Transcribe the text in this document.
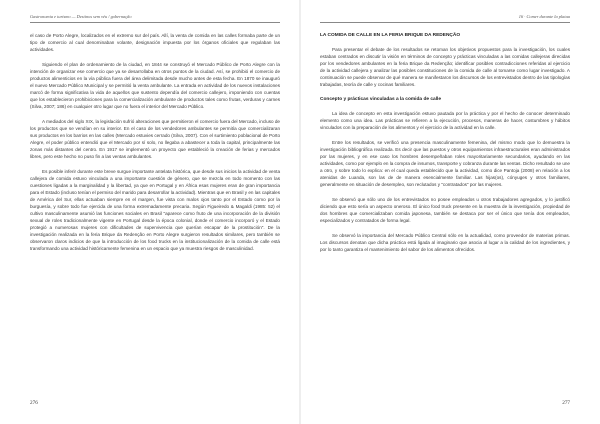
Gastronomia e turismo — Destinos sem véu / gobernação

el caso de Porto Alegre, localizados en el extremo sur del país. Allí, la venta de comida en las calles formaba parte de un tipo de comercio al cual denominaban volante, designación impuesta por los órganos oficiales que regulaban las actividades.

Siguiendo el plan de ordenamiento de la ciudad, en 1844 se construyó el Mercado Público de Porto Alegre con la intención de organizar ese comercio que ya se desarrollaba en otros puntos de la ciudad. Así, se prohibió el comercio de productos alimenticios en la vía pública fuera del área delimitada desde mucho antes de esta fecha. En 1870 se inauguró el nuevo Mercado Público Municipal y se permitió la venta ambulante. La entrada en actividad de los nuevos instalaciones marcó de forma significativa la vida de aquellos que sustento dependía del comercio callejero, imponiendo con cuentas que los establecieron prohibiciones para la comercialización ambulante de productos tales como frutas, verduras y carnes (Silva, 2007; 186) en cualquier otro lugar que no fuera el interior del Mercado Público.

A mediados del siglo XIX, la legislación sufrió alteraciones que permitieron el comercio fuera del Mercado, incluso de los productos que se vendían en su interior. En el caso de los vendedores ambulantes se permitía que comercializaran sus productos en los barrios en las calles (Mercado estuvies cerrado (Silva, 2007). Con el surtimiento poblacional de Porto Alegre, el poder público entendió que el Mercado por sí solo, no llegaba a abastecer a toda la capital, principalmente las zonas más distantes del centro. En 1917 se implementó un proyecto que estableció la creación de ferias y mercados libres, pero este hecho no puso fin a las ventas ambulantes.

Es posible inferir durante este breve surgue importante antelata histórica, que desde sus inicios la actividad de venta callejera de comida estuvo vinculada a una importante cuestión de género, que se mezcla en todo momento con las cuestiones ligadas a la marginalidad y la libertad, ya que en Portugal y en África esas mujeres eran de gran importancia para el Estado (incluso tenían el permiso del marido para desarrollar la actividad). Mientras que en Brasil y en las capitales de América del Sur, ellas actuaban siempre en el margen, fue vista con malos ojos tanto por el Estado como por la burguesía, y sobre todo fue ejercida de una forma extremadamente precaria. Según Figueiredo & Magaldi (1985: 52) el cultivo masculinamente asumió las funciones sociales en Brasil "aparece como fruto de una incorporación de la división sexual de roles tradicionalmente vigente en Portugal desde la época colonial, donde el comercio incorporó y el Estado protegió a numerosas mujeres con dificultades de supervivencia que querían escapar de la prostitución". De la investigación realizada en la feria Brique da Redenção en Porto Alegre surgieron resultados similares, pero también se observaron claros indicios de que la introducción de los food trucks en la institucionalización de la comida de calle está transformando una actividad históricamente femenina en un espacio que ya muestra riesgos de masculinidad.

276
16 · Comer durante la plataa
LA COMIDA DE CALLE EN LA FERIA BRIQUE DA REDENÇÃO

Para presentar el debate de los resultados se retoman los objetivos propuestos para la investigación, los cuales estaban centrados en discutir la visión en términos de concepto y prácticas vinculadas a las comidas callejeras direcidas por los vendedores ambulantes en la feria Brique da Redenção; identificar posibles contradicciones referidas al ejercicio de la actividad callejera y analizar las posibles constituciones de la comida de calle al tomarse como lugar investigado. A continuación se puede observar de qué manera se manifestaron los discursos de los entrevistados dentro de las tipologías trabajadas, teoría de calle y cocinas familiares.

Concepto y prácticas vinculadas a la comida de calle

La idea de concepto en esta investigación estuvo pautada por la práctica y por el hecho de conocer determinado elemento como una idea. Las prácticas se refieren a la ejecución, procesos, maneras de hacer, costumbres y hábitos vinculados con la preparación de los alimentos y el ejercicio de la actividad en la calle.

Entre los resultados, se verificó una presencia masculinamente femenina, del mismo modo que lo demuestra la investigación bibliográfica realizada. Es decir que las puestos y otros equipamientos infraestructurales eran administrados por las mujeres, y en ese caso los hombres desempeñaban roles mayoritariamente secundarios, ayudando en las actividades, como por ejemplo en la compra de insumos, transporte y cobranza durante las ventas. Dicho resultado se une a otro, y sobre todo lo explica: en el cual queda establecido que la actividad, como dice Pantoja (2008) en relación a los atenidas de Luanda, son las de de manera esencialmente familiar. Las hijas(os), cónyuges y otros familiares, generalmente en situación de desempleo, son reclutados y "contratados" por las mujeres.

Se observó que sólo uno de los entrevistados no posee empleados u otros trabajadores agregados, y lo justificó diciendo que esto sería un aspecto oneroso. El único food truck presente en la muestra de la investigación, propiedad de dos hombres que comercializaban comida japonesa, también se destaca por ser el único que tenía dos empleados, especializados y contratados de forma legal.

Se observó la importancia del Mercado Público Central sólo en la actualidad, como proveedor de materias primas. Los discursos denotan que dicha práctica está ligada al imaginario que asocia al lugar a la calidad de los ingredientes, y por lo tanto garantiza el mantenimiento del sabor de los alimentos ofrecidos.

277
